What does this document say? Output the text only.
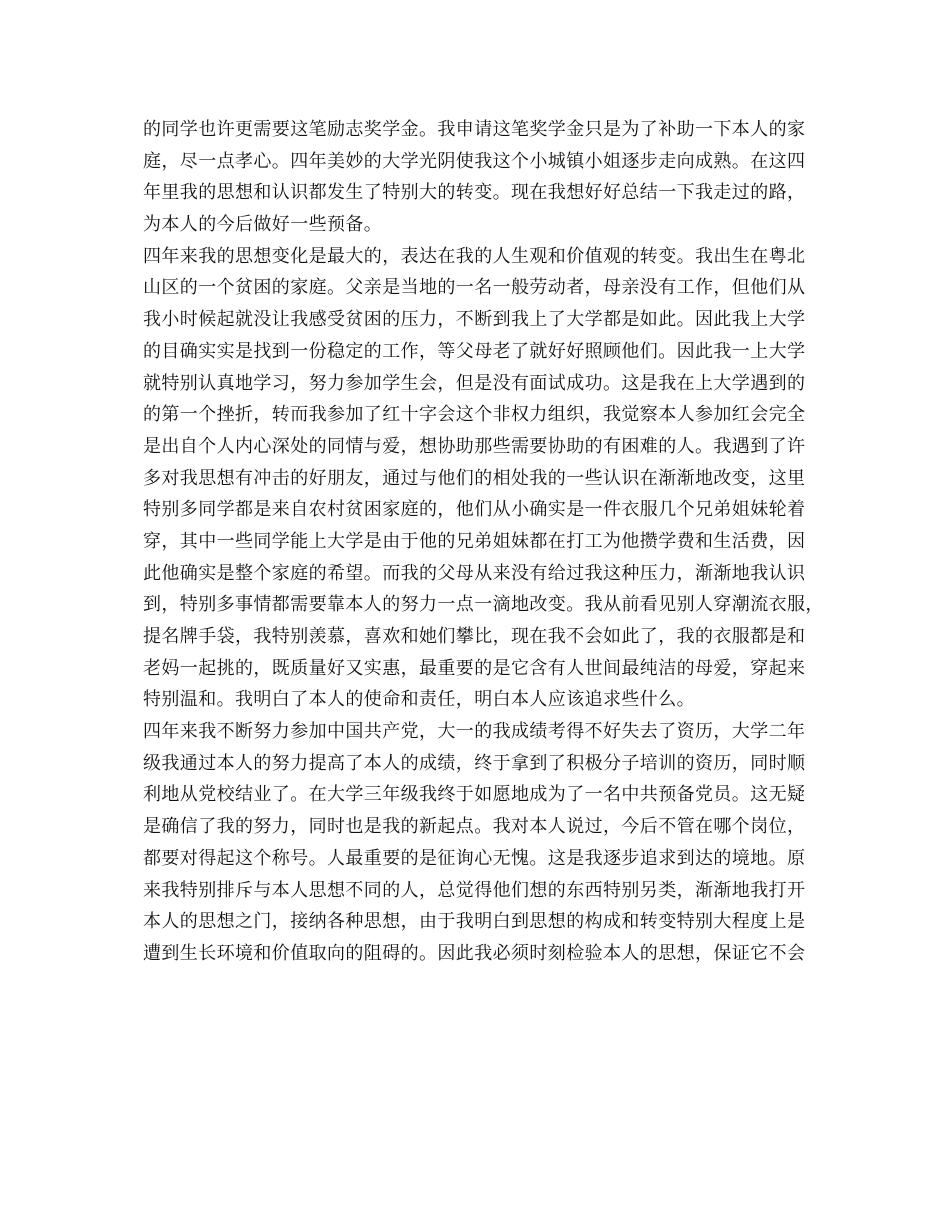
的同学也许更需要这笔励志奖学金。我申请这笔奖学金只是为了补助一下本人的家
庭，尽一点孝心。四年美妙的大学光阴使我这个小城镇小姐逐步走向成熟。在这四
年里我的思想和认识都发生了特别大的转变。现在我想好好总结一下我走过的路，
为本人的今后做好一些预备。
四年来我的思想变化是最大的，表达在我的人生观和价值观的转变。我出生在粤北
山区的一个贫困的家庭。父亲是当地的一名一般劳动者，母亲没有工作，但他们从
我小时候起就没让我感受贫困的压力，不断到我上了大学都是如此。因此我上大学
的目确实实是找到一份稳定的工作，等父母老了就好好照顾他们。因此我一上大学
就特别认真地学习，努力参加学生会，但是没有面试成功。这是我在上大学遇到的
的第一个挫折，转而我参加了红十字会这个非权力组织，我觉察本人参加红会完全
是出自个人内心深处的同情与爱，想协助那些需要协助的有困难的人。我遇到了许
多对我思想有冲击的好朋友，通过与他们的相处我的一些认识在渐渐地改变，这里
特别多同学都是来自农村贫困家庭的，他们从小确实是一件衣服几个兄弟姐妹轮着
穿，其中一些同学能上大学是由于他的兄弟姐妹都在打工为他攒学费和生活费，因
此他确实是整个家庭的希望。而我的父母从来没有给过我这种压力，渐渐地我认识
到，特别多事情都需要靠本人的努力一点一滴地改变。我从前看见别人穿潮流衣服，
提名牌手袋，我特别羡慕，喜欢和她们攀比，现在我不会如此了，我的衣服都是和
老妈一起挑的，既质量好又实惠，最重要的是它含有人世间最纯洁的母爱，穿起来
特别温和。我明白了本人的使命和责任，明白本人应该追求些什么。
四年来我不断努力参加中国共产党，大一的我成绩考得不好失去了资历，大学二年
级我通过本人的努力提高了本人的成绩，终于拿到了积极分子培训的资历，同时顺
利地从党校结业了。在大学三年级我终于如愿地成为了一名中共预备党员。这无疑
是确信了我的努力，同时也是我的新起点。我对本人说过，今后不管在哪个岗位，
都要对得起这个称号。人最重要的是征询心无愧。这是我逐步追求到达的境地。原
来我特别排斥与本人思想不同的人，总觉得他们想的东西特别另类，渐渐地我打开
本人的思想之门，接纳各种思想，由于我明白到思想的构成和转变特别大程度上是
遭到生长环境和价值取向的阻碍的。因此我必须时刻检验本人的思想，保证它不会
